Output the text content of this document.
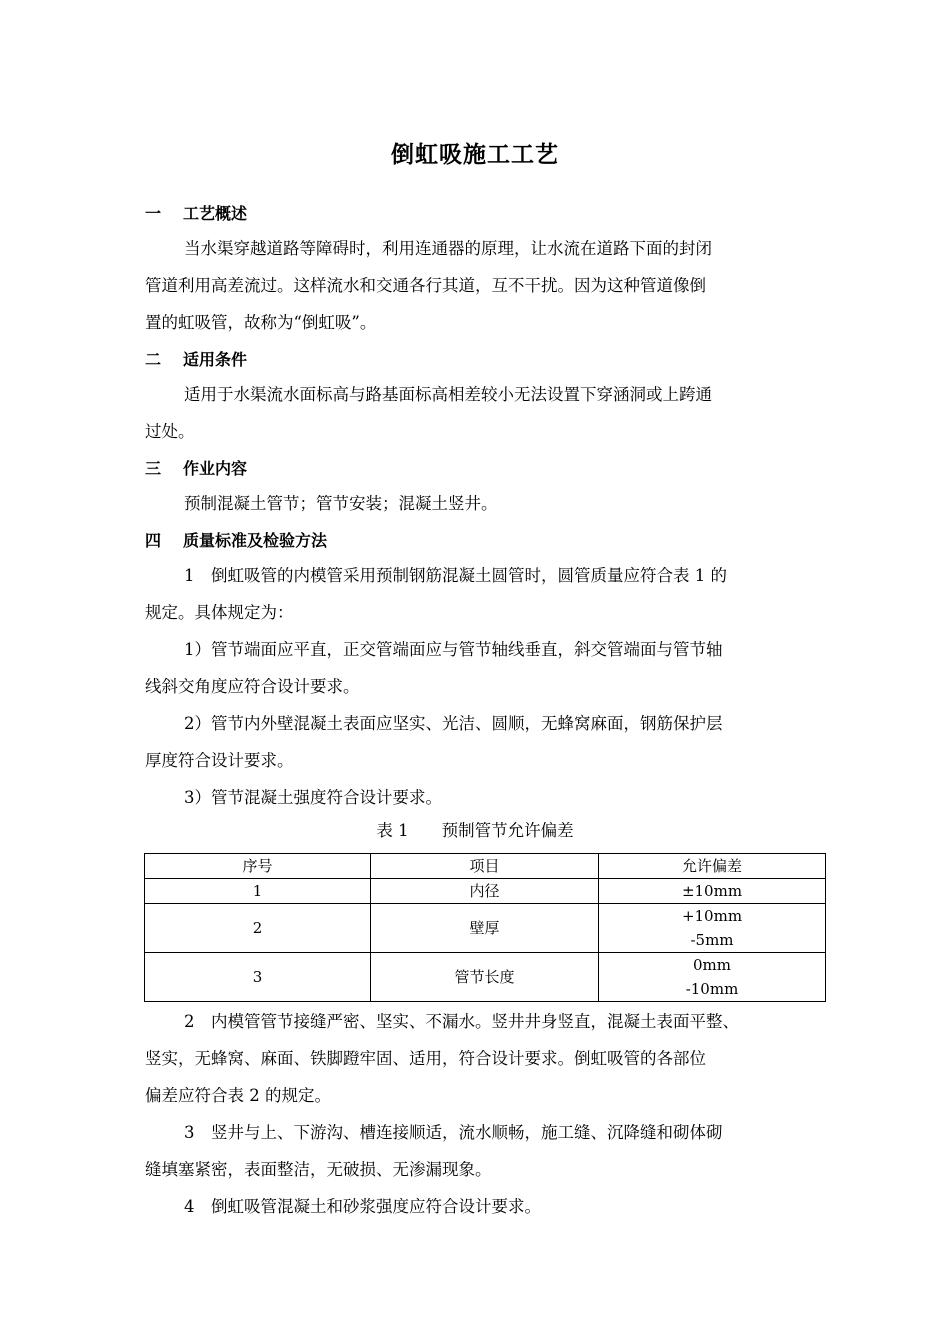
倒虹吸施工工艺
一 工艺概述
当水渠穿越道路等障碍时，利用连通器的原理，让水流在道路下面的封闭
管道利用高差流过。这样流水和交通各行其道，互不干扰。因为这种管道像倒
置的虹吸管，故称为“倒虹吸”。
二 适用条件
适用于水渠流水面标高与路基面标高相差较小无法设置下穿涵洞或上跨通
过处。
三 作业内容
预制混凝土管节；管节安装；混凝土竖井。
四 质量标准及检验方法
1　倒虹吸管的内模管采用预制钢筋混凝土圆管时，圆管质量应符合表 1 的
规定。具体规定为：
1）管节端面应平直，正交管端面应与管节轴线垂直，斜交管端面与管节轴
线斜交角度应符合设计要求。
2）管节内外壁混凝土表面应坚实、光洁、圆顺，无蜂窝麻面，钢筋保护层
厚度符合设计要求。
3）管节混凝土强度符合设计要求。
表 1　　预制管节允许偏差
序号	项目	允许偏差
1	内径	±10mm
2	壁厚	+10mm
-5mm

3	管节长度	0mm
-10mm
2　内模管管节接缝严密、坚实、不漏水。竖井井身竖直，混凝土表面平整、
竖实，无蜂窝、麻面、铁脚蹬牢固、适用，符合设计要求。倒虹吸管的各部位
偏差应符合表 2 的规定。
3　竖井与上、下游沟、槽连接顺适，流水顺畅，施工缝、沉降缝和砌体砌
缝填塞紧密，表面整洁，无破损、无渗漏现象。
4　倒虹吸管混凝土和砂浆强度应符合设计要求。
